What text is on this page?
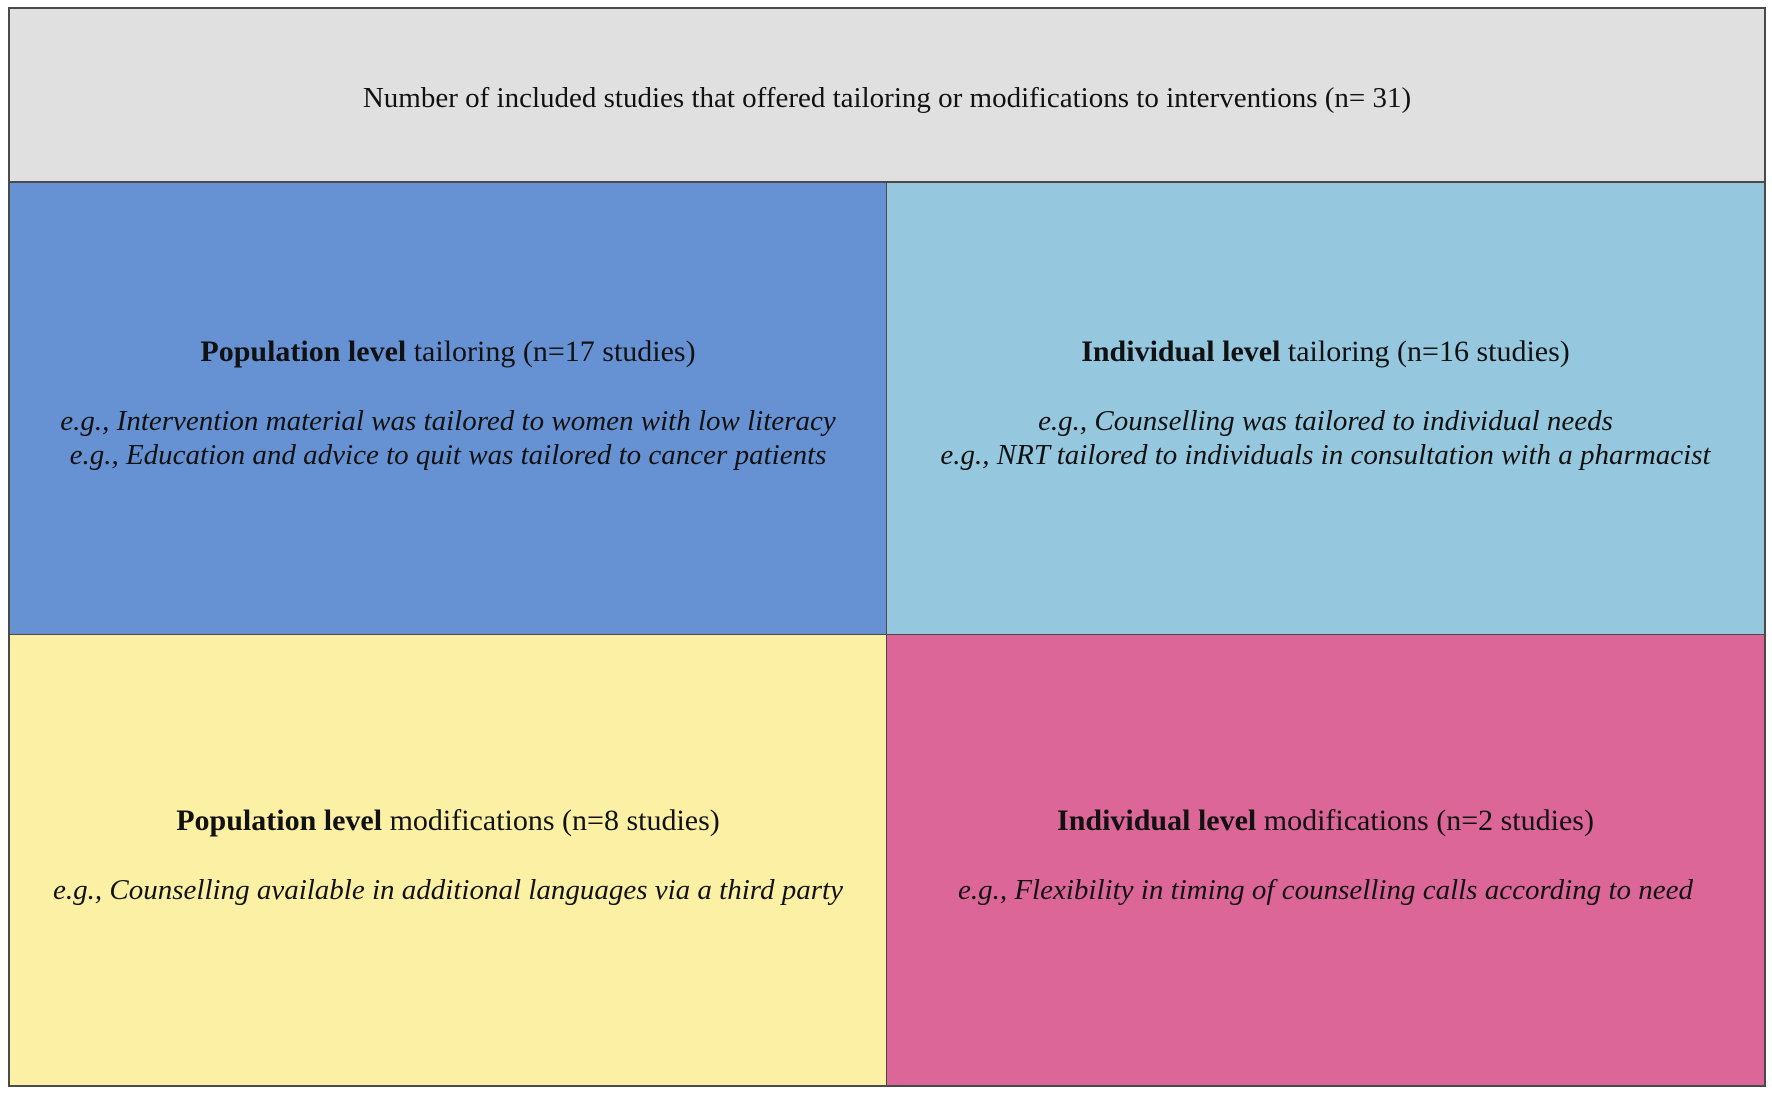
Number of included studies that offered tailoring or modifications to interventions (n= 31)
Population level tailoring (n=17 studies)
e.g., Intervention material was tailored to women with low literacy
e.g., Education and advice to quit was tailored to cancer patients
Individual level tailoring (n=16 studies)
e.g., Counselling was tailored to individual needs
e.g., NRT tailored to individuals in consultation with a pharmacist
Population level modifications (n=8 studies)
e.g., Counselling available in additional languages via a third party
Individual level modifications (n=2 studies)
e.g., Flexibility in timing of counselling calls according to need
